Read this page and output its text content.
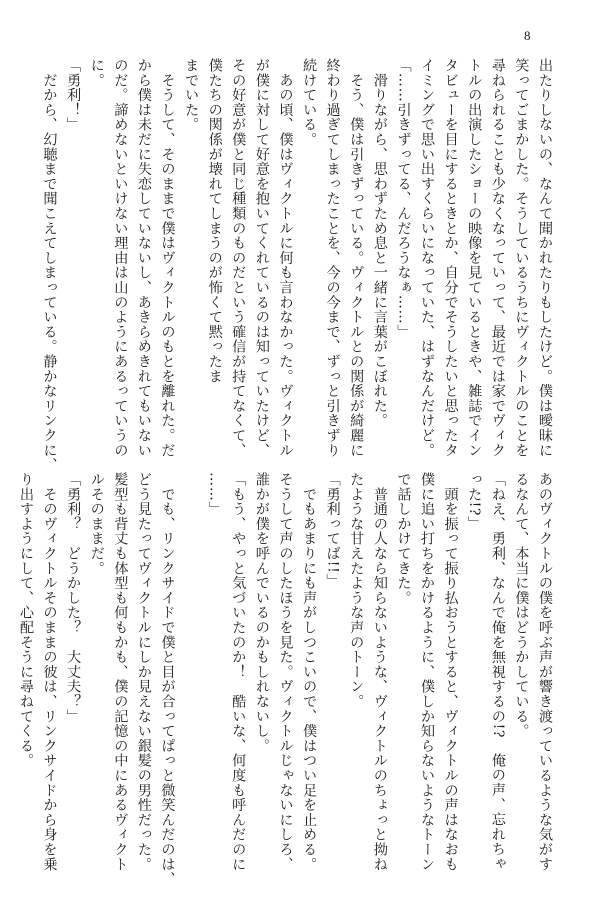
8
出たりしないの、なんて聞かれたりもしたけど。僕は曖昧に
笑ってごまかした。そうしているうちにヴィクトルのことを
尋ねられることも少なくなっていって、最近では家でヴィク
トルの出演したショーの映像を見ているときや、雑誌でイン
タビューを目にするときとか、自分でそうしたいと思ったタ
イミングで思い出すくらいになっていた、はずなんだけど。
「……引きずってる、んだろうなぁ……」
　滑りながら、思わずため息と一緒に言葉がこぼれた。
　そう、僕は引きずっている。ヴィクトルとの関係が綺麗に
終わり過ぎてしまったことを、今の今まで、ずっと引きずり
続けている。
　あの頃、僕はヴィクトルに何も言わなかった。ヴィクトル
が僕に対して好意を抱いてくれているのは知っていたけど、
その好意が僕と同じ種類のものだという確信が持てなくて、
僕たちの関係が壊れてしまうのが怖くて黙ったま
までいた。
　そうして、そのままで僕はヴィクトルのもとを離れた。だ
から僕は未だに失恋していないし、あきらめきれてもいない
のだ。諦めないといけない理由は山のようにあるっていうの
に。
「勇利！」
　だから、幻聴まで聞こえてしまっている。静かなリンクに、
あのヴィクトルの僕を呼ぶ声が響き渡っているような気がす
るなんて、本当に僕はどうかしている。
「ねえ、勇利、なんで俺を無視するの!?　俺の声、忘れちゃ
った!?」
　頭を振って振り払おうとすると、ヴィクトルの声はなおも
僕に追い打ちをかけるように、僕しか知らないようなトーン
で話しかけてきた。
　普通の人なら知らないような、ヴィクトルのちょっと拗ね
たような甘えたような声のトーン。
「勇利ってば!!」
　でもあまりにも声がしつこいので、僕はつい足を止める。
そうして声のしたほうを見た。ヴィクトルじゃないにしろ、
誰かが僕を呼んでいるのかもしれないし。
「もう、やっと気づいたのか！　酷いな、何度も呼んだのに
……」
　でも、リンクサイドで僕と目が合ってぱっと微笑んだのは、
どう見たってヴィクトルにしか見えない銀髪の男性だった。
髪型も背丈も体型も何もかも、僕の記憶の中にあるヴィクト
ルそのままだ。
「勇利？　どうかした？　大丈夫？」
　そのヴィクトルそのままの彼は、リンクサイドから身を乗
り出すようにして、心配そうに尋ねてくる。
